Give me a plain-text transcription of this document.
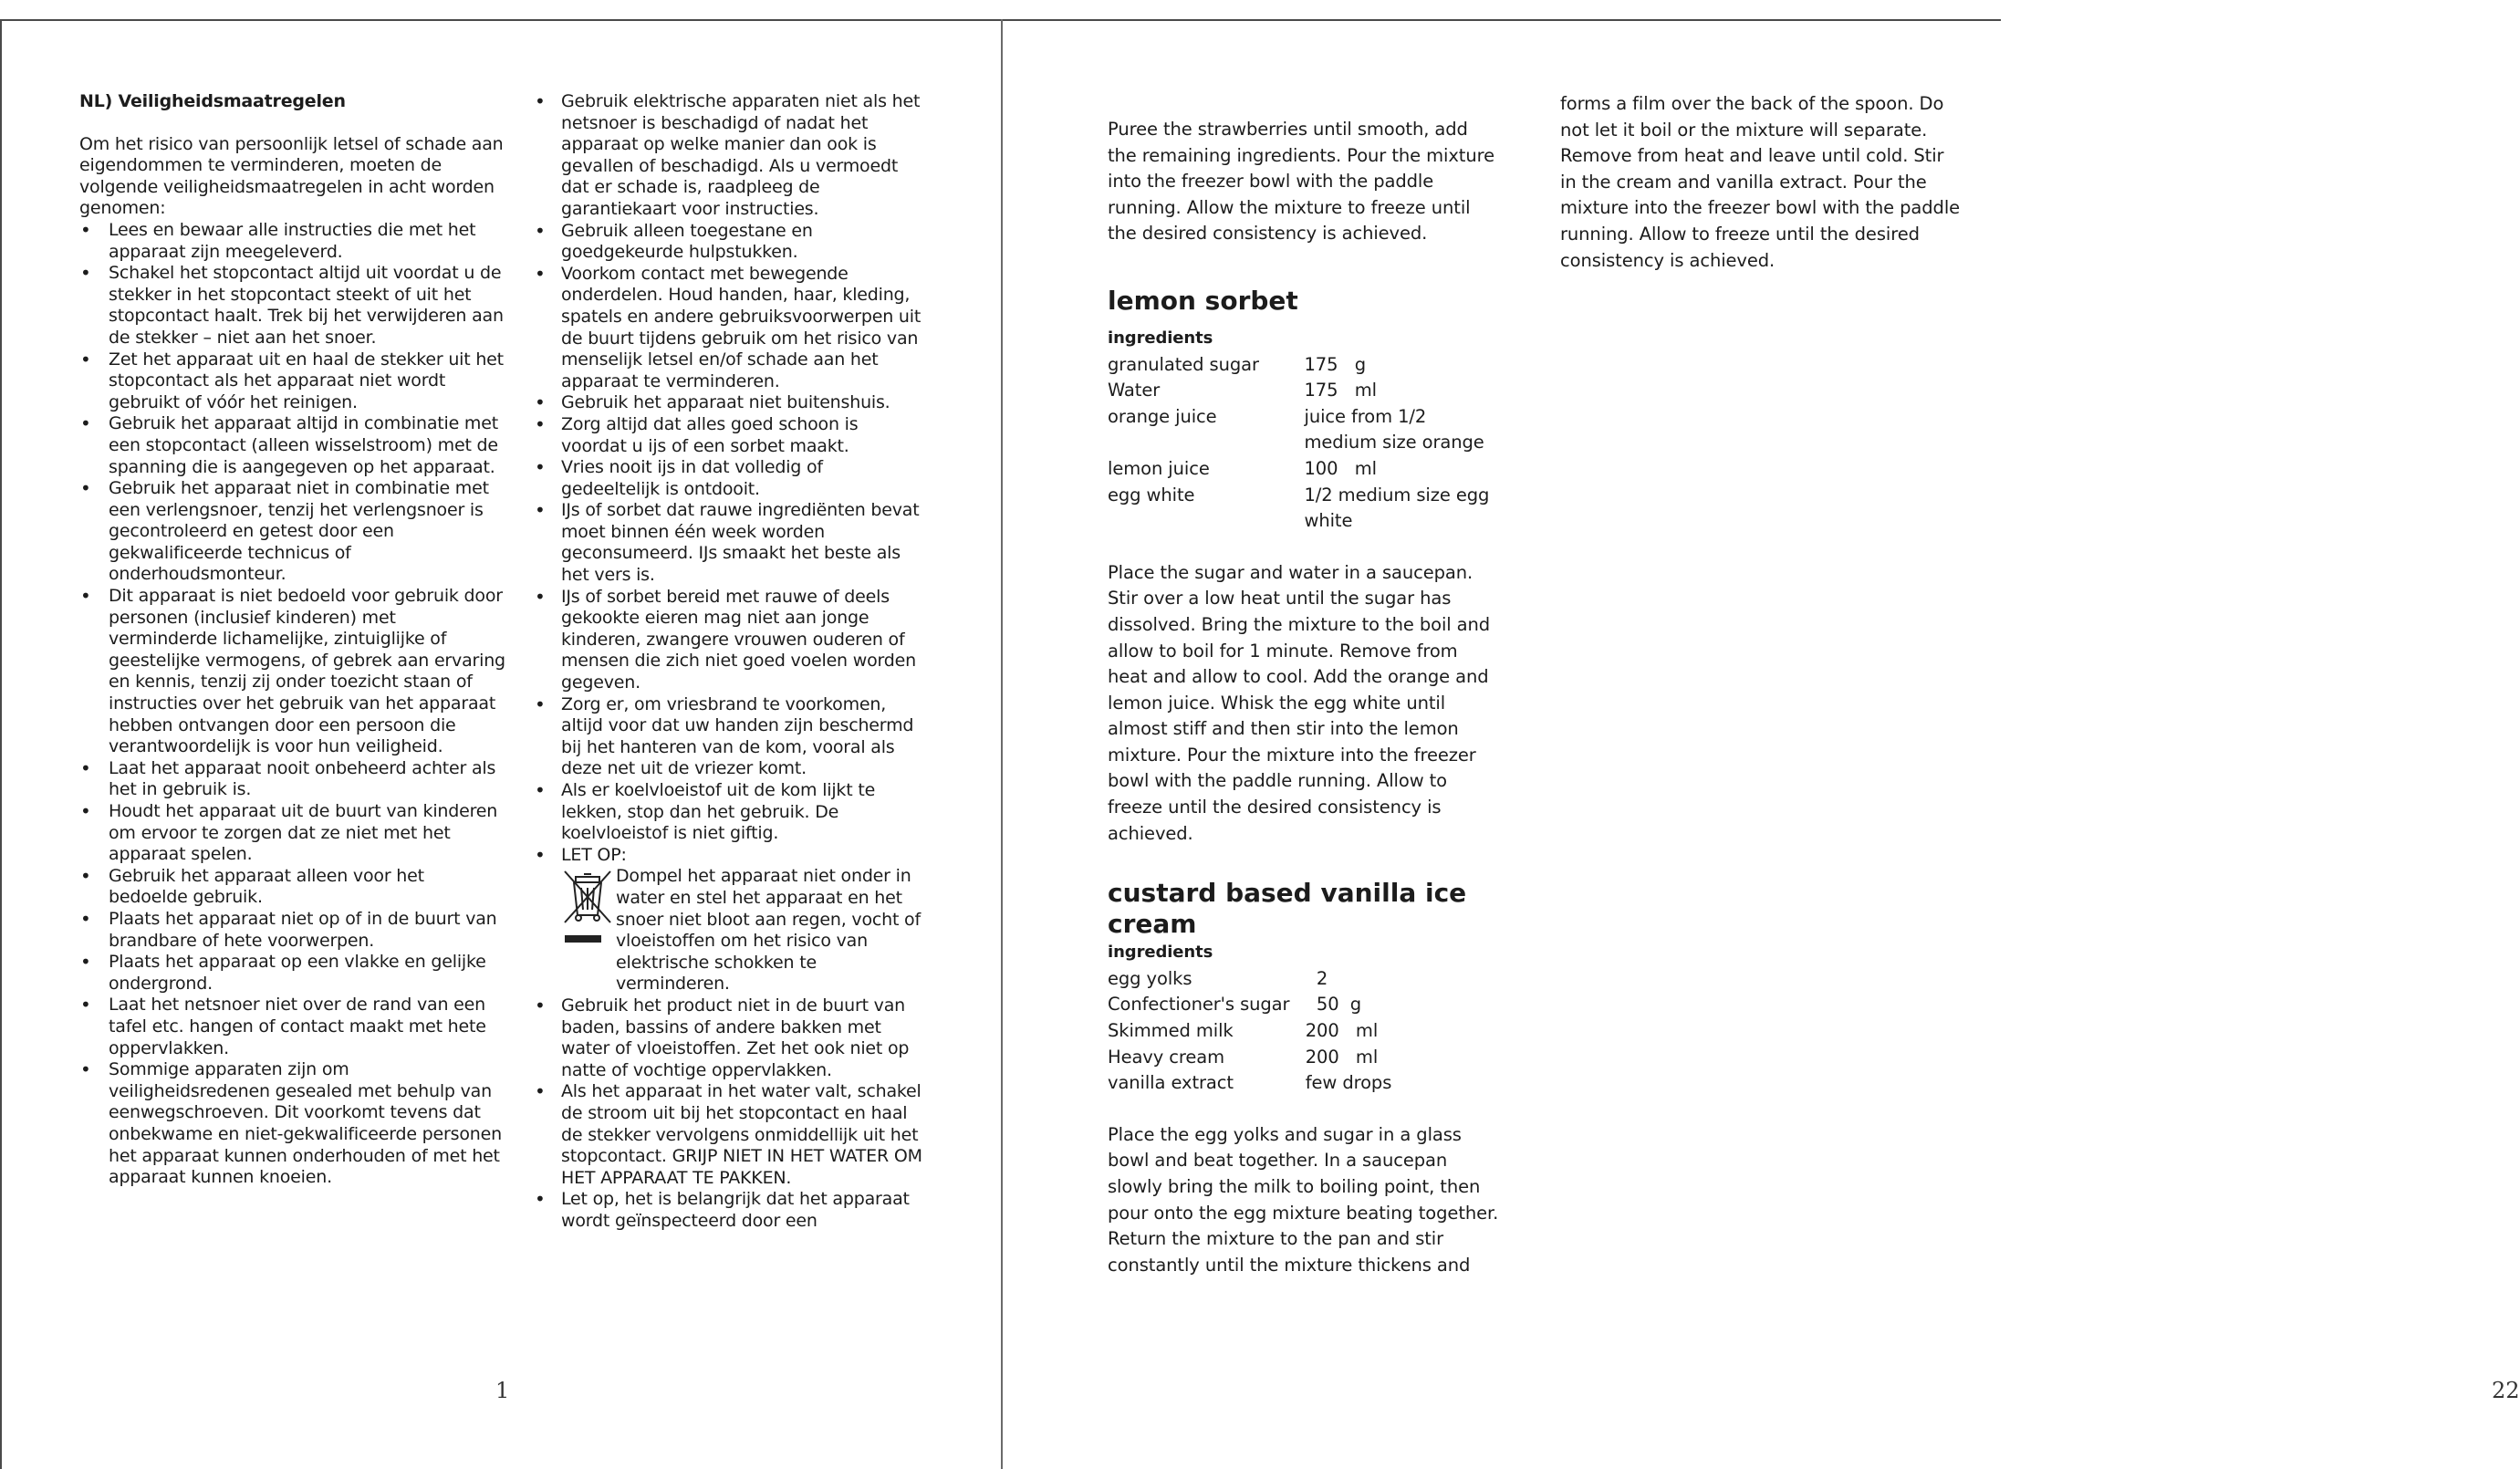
NL) Veiligheidsmaatregelen

Om het risico van persoonlijk letsel of schade aan eigendommen te verminderen, moeten de volgende veiligheidsmaatregelen in acht worden genomen:

• Lees en bewaar alle instructies die met het apparaat zijn meegeleverd.
• Schakel het stopcontact altijd uit voordat u de stekker in het stopcontact steekt of uit het stopcontact haalt. Trek bij het verwijderen aan de stekker – niet aan het snoer.
• Zet het apparaat uit en haal de stekker uit het stopcontact als het apparaat niet wordt gebruikt of vóór het reinigen.
• Gebruik het apparaat altijd in combinatie met een stopcontact (alleen wisselstroom) met de spanning die is aangegeven op het apparaat.
• Gebruik het apparaat niet in combinatie met een verlengsnoer, tenzij het verlengsnoer is gecontroleerd en getest door een gekwalificeerde technicus of onderhoudsmonteur.
• Dit apparaat is niet bedoeld voor gebruik door personen (inclusief kinderen) met verminderde lichamelijke, zintuiglijke of geestelijke vermogens, of gebrek aan ervaring en kennis, tenzij zij onder toezicht staan of instructies over het gebruik van het apparaat hebben ontvangen door een persoon die verantwoordelijk is voor hun veiligheid.
• Laat het apparaat nooit onbeheerd achter als het in gebruik is.
• Houdt het apparaat uit de buurt van kinderen om ervoor te zorgen dat ze niet met het apparaat spelen.
• Gebruik het apparaat alleen voor het bedoelde gebruik.
• Plaats het apparaat niet op of in de buurt van brandbare of hete voorwerpen.
• Plaats het apparaat op een vlakke en gelijke ondergrond.
• Laat het netsnoer niet over de rand van een tafel etc. hangen of contact maakt met hete oppervlakken.
• Sommige apparaten zijn om veiligheidsredenen gesealed met behulp van eenwegschroeven. Dit voorkomt tevens dat onbekwame en niet-gekwalificeerde personen het apparaat kunnen onderhouden of met het apparaat kunnen knoeien.
• Gebruik elektrische apparaten niet als het netsnoer is beschadigd of nadat het apparaat op welke manier dan ook is gevallen of beschadigd. Als u vermoedt dat er schade is, raadpleeg de garantiekaart voor instructies.
• Gebruik alleen toegestane en goedgekeurde hulpstukken.
• Voorkom contact met bewegende onderdelen. Houd handen, haar, kleding, spatels en andere gebruiksvoorwerpen uit de buurt tijdens gebruik om het risico van menselijk letsel en/of schade aan het apparaat te verminderen.
• Gebruik het apparaat niet buitenshuis.
• Zorg altijd dat alles goed schoon is voordat u ijs of een sorbet maakt.
• Vries nooit ijs in dat volledig of gedeeltelijk is ontdooit.
• IJs of sorbet dat rauwe ingrediënten bevat moet binnen één week worden geconsumeerd. IJs smaakt het beste als het vers is.
• IJs of sorbet bereid met rauwe of deels gekookte eieren mag niet aan jonge kinderen, zwangere vrouwen ouderen of mensen die zich niet goed voelen worden gegeven.
• Zorg er, om vriesbrand te voorkomen, altijd voor dat uw handen zijn beschermd bij het hanteren van de kom, vooral als deze net uit de vriezer komt.
• Als er koelvloeistof uit de kom lijkt te lekken, stop dan het gebruik. De koelvloeistof is niet giftig.
• LET OP:
Dompel het apparaat niet onder in water en stel het apparaat en het snoer niet bloot aan regen, vocht of vloeistoffen om het risico van elektrische schokken te verminderen.
• Gebruik het product niet in de buurt van baden, bassins of andere bakken met water of vloeistoffen. Zet het ook niet op natte of vochtige oppervlakken.
• Als het apparaat in het water valt, schakel de stroom uit bij het stopcontact en haal de stekker vervolgens onmiddellijk uit het stopcontact. GRIJP NIET IN HET WATER OM HET APPARAAT TE PAKKEN.
• Let op, het is belangrijk dat het apparaat wordt geïnspecteerd door een
1

Puree the strawberries until smooth, add the remaining ingredients. Pour the mixture into the freezer bowl with the paddle running. Allow the mixture to freeze until the desired consistency is achieved.

lemon sorbet

ingredients

granulated sugar	175   g
Water	175   ml
orange juice	juice from 1/2 medium size orange
lemon juice	100   ml
egg white	1/2 medium size egg white

Place the sugar and water in a saucepan. Stir over a low heat until the sugar has dissolved. Bring the mixture to the boil and allow to boil for 1 minute. Remove from heat and allow to cool. Add the orange and lemon juice. Whisk the egg white until almost stiff and then stir into the lemon mixture. Pour the mixture into the freezer bowl with the paddle running. Allow to freeze until the desired consistency is achieved.

custard based vanilla ice cream

ingredients

egg yolks	2
Confectioner's sugar	50  g
Skimmed milk	200   ml
Heavy cream	200   ml
vanilla extract	few drops

Place the egg yolks and sugar in a glass bowl and beat together. In a saucepan slowly bring the milk to boiling point, then pour onto the egg mixture beating together. Return the mixture to the pan and stir constantly until the mixture thickens and

forms a film over the back of the spoon. Do not let it boil or the mixture will separate. Remove from heat and leave until cold. Stir in the cream and vanilla extract. Pour the mixture into the freezer bowl with the paddle running. Allow to freeze until the desired consistency is achieved.

22
